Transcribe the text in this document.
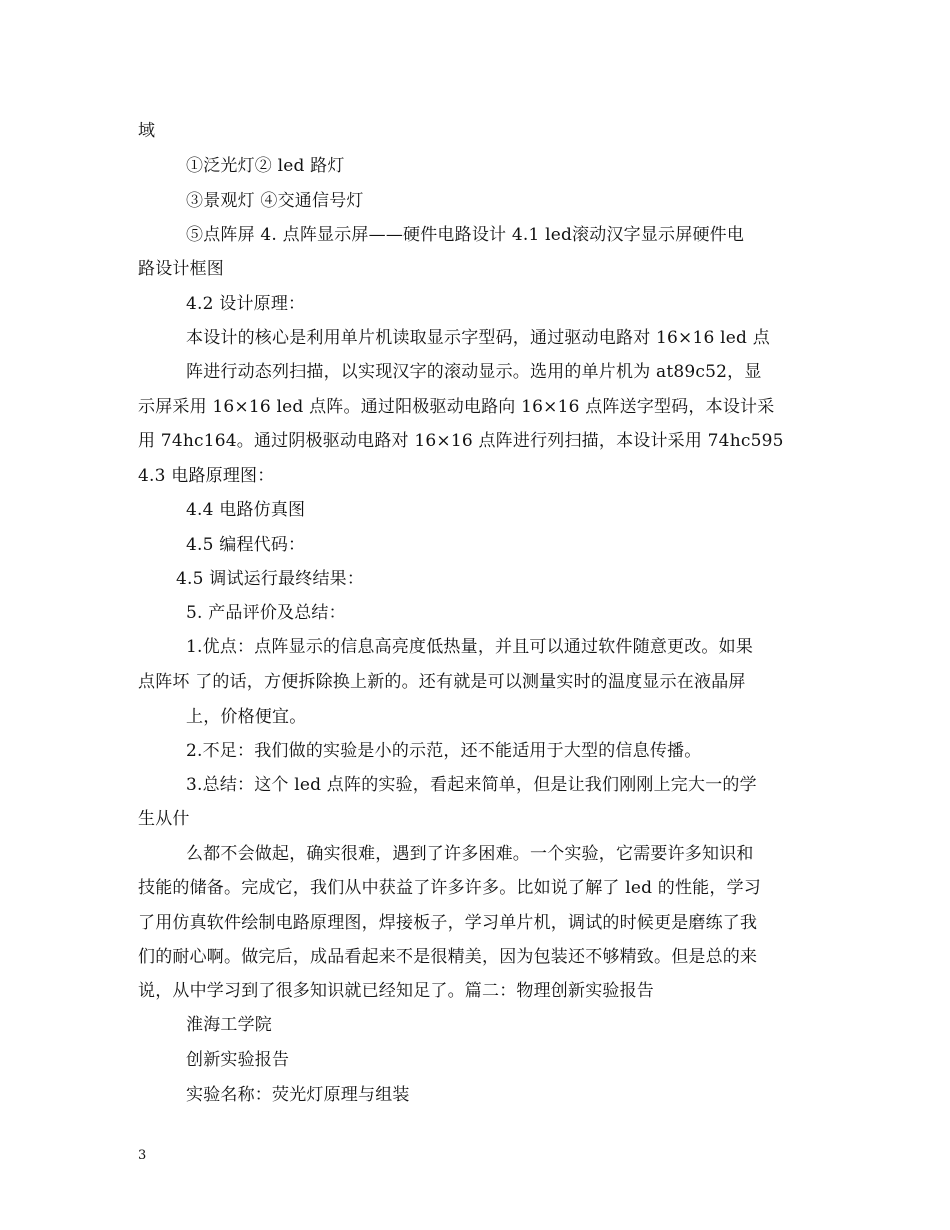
域
①泛光灯② led 路灯
③景观灯 ④交通信号灯
⑤点阵屏 4. 点阵显示屏——硬件电路设计 4.1 led滚动汉字显示屏硬件电
路设计框图
4.2 设计原理：
本设计的核心是利用单片机读取显示字型码，通过驱动电路对 16×16 led 点
阵进行动态列扫描，以实现汉字的滚动显示。选用的单片机为 at89c52，显
示屏采用 16×16 led 点阵。通过阳极驱动电路向 16×16 点阵送字型码，本设计采
用 74hc164。通过阴极驱动电路对 16×16 点阵进行列扫描，本设计采用 74hc595
4.3 电路原理图：
4.4 电路仿真图
4.5 编程代码：
4.5 调试运行最终结果：
5. 产品评价及总结：
1.优点：点阵显示的信息高亮度低热量，并且可以通过软件随意更改。如果
点阵坏 了的话，方便拆除换上新的。还有就是可以测量实时的温度显示在液晶屏
上，价格便宜。
2.不足：我们做的实验是小的示范，还不能适用于大型的信息传播。
3.总结：这个 led 点阵的实验，看起来简单，但是让我们刚刚上完大一的学
生从什
么都不会做起，确实很难，遇到了许多困难。一个实验，它需要许多知识和
技能的储备。完成它，我们从中获益了许多许多。比如说了解了 led 的性能，学习
了用仿真软件绘制电路原理图，焊接板子，学习单片机，调试的时候更是磨练了我
们的耐心啊。做完后，成品看起来不是很精美，因为包装还不够精致。但是总的来
说，从中学习到了很多知识就已经知足了。篇二：物理创新实验报告
淮海工学院
创新实验报告
实验名称：荧光灯原理与组装
3
